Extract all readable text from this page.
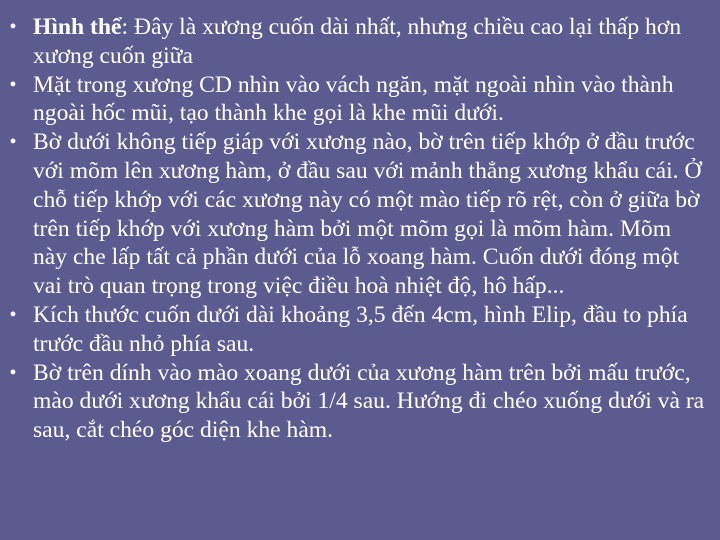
• Hình thể: Đây là xương cuốn dài nhất, nhưng chiều cao lại thấp hơn xương cuốn giữa
• Mặt trong xương CD nhìn vào vách ngăn, mặt ngoài nhìn vào thành ngoài hốc mũi, tạo thành khe gọi là khe mũi dưới.
• Bờ dưới không tiếp giáp với xương nào, bờ trên tiếp khớp ở đầu trước với mõm lên xương hàm, ở đầu sau với mảnh thẳng xương khẩu cái. Ở chỗ tiếp khớp với các xương này có một mào tiếp rõ rệt, còn ở giữa bờ trên tiếp khớp với xương hàm bởi một mõm gọi là mõm hàm. Mõm này che lấp tất cả phần dưới của lỗ xoang hàm. Cuốn dưới đóng một vai trò quan trọng trong việc điều hoà nhiệt độ, hô hấp...
• Kích thước cuốn dưới dài khoảng 3,5 đến 4cm, hình Elip, đầu to phía trước đầu nhỏ phía sau.
• Bờ trên dính vào mào xoang dưới của xương hàm trên bởi mấu trước, mào dưới xương khẩu cái bởi 1/4 sau. Hướng đi chéo xuống dưới và ra sau, cắt chéo góc diện khe hàm.
